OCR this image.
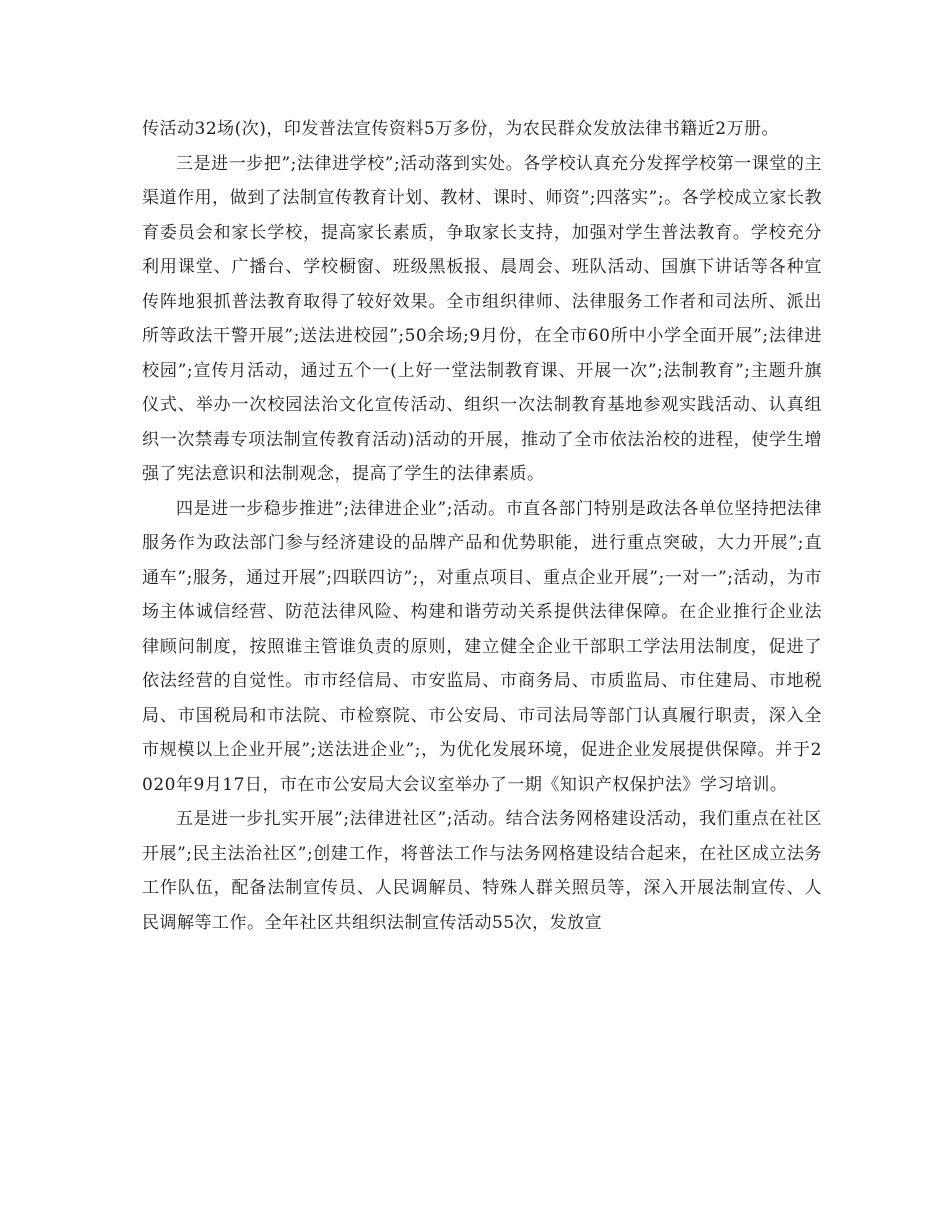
传活动32场(次)，印发普法宣传资料5万多份，为农民群众发放法律书籍近2万册。

三是进一步把”;法律进学校”;活动落到实处。各学校认真充分发挥学校第一课堂的主渠道作用，做到了法制宣传教育计划、教材、课时、师资”;四落实”;。各学校成立家长教育委员会和家长学校，提高家长素质，争取家长支持，加强对学生普法教育。学校充分利用课堂、广播台、学校橱窗、班级黑板报、晨周会、班队活动、国旗下讲话等各种宣传阵地狠抓普法教育取得了较好效果。全市组织律师、法律服务工作者和司法所、派出所等政法干警开展”;送法进校园”;50余场;9月份，在全市60所中小学全面开展”;法律进校园”;宣传月活动，通过五个一(上好一堂法制教育课、开展一次”;法制教育”;主题升旗仪式、举办一次校园法治文化宣传活动、组织一次法制教育基地参观实践活动、认真组织一次禁毒专项法制宣传教育活动)活动的开展，推动了全市依法治校的进程，使学生增强了宪法意识和法制观念，提高了学生的法律素质。

四是进一步稳步推进”;法律进企业”;活动。市直各部门特别是政法各单位坚持把法律服务作为政法部门参与经济建设的品牌产品和优势职能，进行重点突破，大力开展”;直通车”;服务，通过开展”;四联四访”;，对重点项目、重点企业开展”;一对一”;活动，为市场主体诚信经营、防范法律风险、构建和谐劳动关系提供法律保障。在企业推行企业法律顾问制度，按照谁主管谁负责的原则，建立健全企业干部职工学法用法制度，促进了依法经营的自觉性。市市经信局、市安监局、市商务局、市质监局、市住建局、市地税局、市国税局和市法院、市检察院、市公安局、市司法局等部门认真履行职责，深入全市规模以上企业开展”;送法进企业”;，为优化发展环境，促进企业发展提供保障。并于2020年9月17日，市在市公安局大会议室举办了一期《知识产权保护法》学习培训。

五是进一步扎实开展”;法律进社区”;活动。结合法务网格建设活动，我们重点在社区开展”;民主法治社区”;创建工作，将普法工作与法务网格建设结合起来，在社区成立法务工作队伍，配备法制宣传员、人民调解员、特殊人群关照员等，深入开展法制宣传、人民调解等工作。全年社区共组织法制宣传活动55次，发放宣
